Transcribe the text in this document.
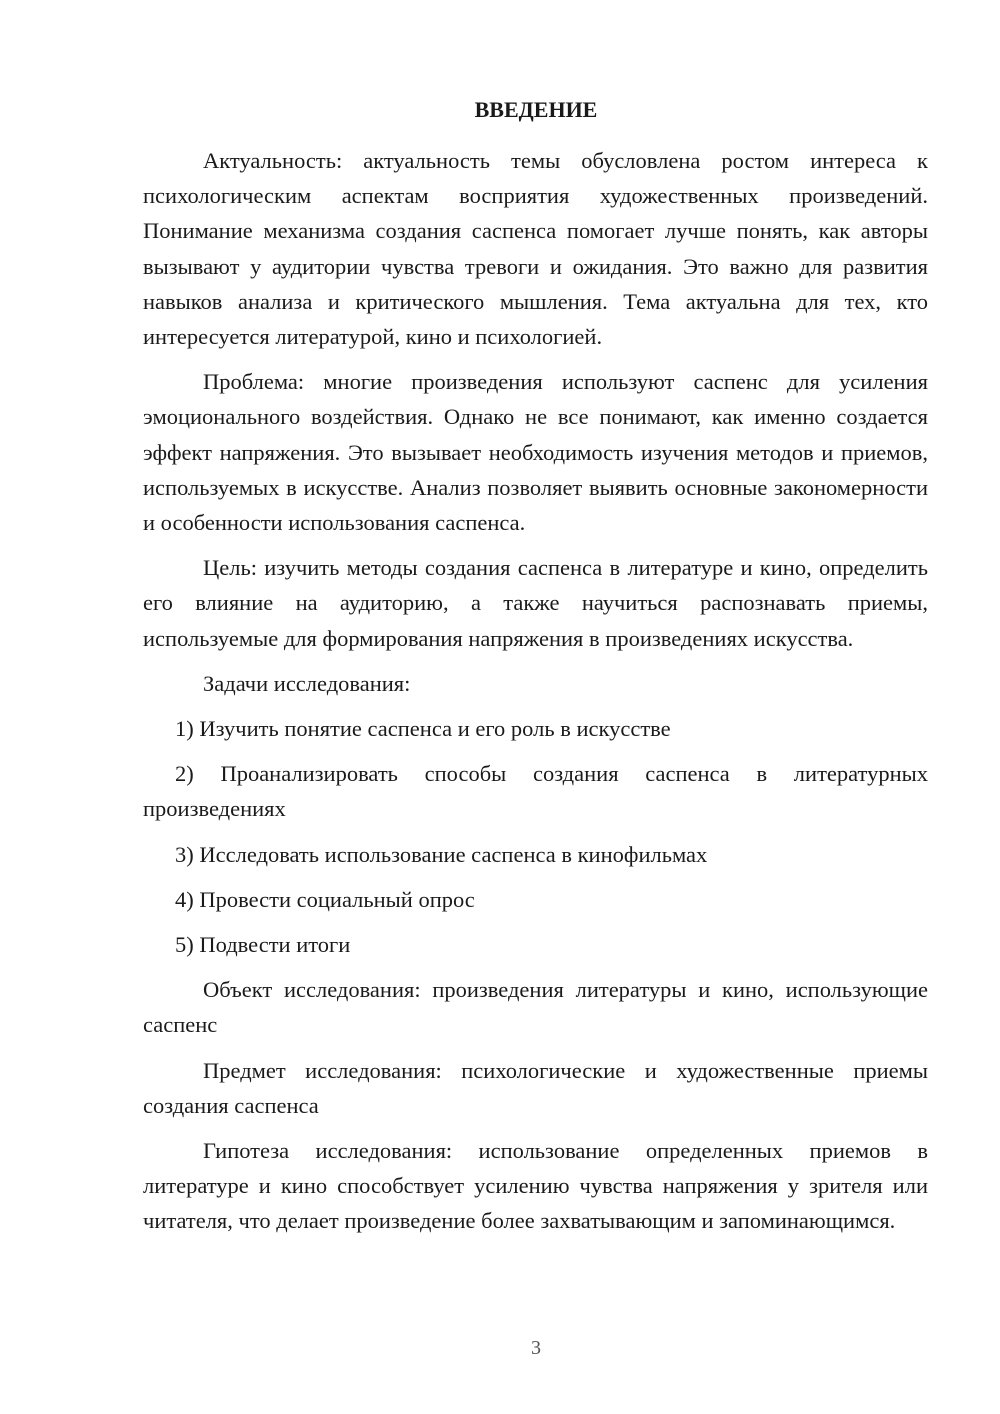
ВВЕДЕНИЕ

Актуальность: актуальность темы обусловлена ростом интереса к психологическим аспектам восприятия художественных произведений. Понимание механизма создания саспенса помогает лучше понять, как авторы вызывают у аудитории чувства тревоги и ожидания. Это важно для развития навыков анализа и критического мышления. Тема актуальна для тех, кто интересуется литературой, кино и психологией.

Проблема: многие произведения используют саспенс для усиления эмоционального воздействия. Однако не все понимают, как именно создается эффект напряжения. Это вызывает необходимость изучения методов и приемов, используемых в искусстве. Анализ позволяет выявить основные закономерности и особенности использования саспенса.

Цель: изучить методы создания саспенса в литературе и кино, определить его влияние на аудиторию, а также научиться распознавать приемы, используемые для формирования напряжения в произведениях искусства.

Задачи исследования:

1) Изучить понятие саспенса и его роль в искусстве

2) Проанализировать способы создания саспенса в литературных произведениях

3) Исследовать использование саспенса в кинофильмах

4) Провести социальный опрос

5) Подвести итоги

Объект исследования: произведения литературы и кино, использующие саспенс

Предмет исследования: психологические и художественные приемы создания саспенса

Гипотеза исследования: использование определенных приемов в литературе и кино способствует усилению чувства напряжения у зрителя или читателя, что делает произведение более захватывающим и запоминающимся.

3
